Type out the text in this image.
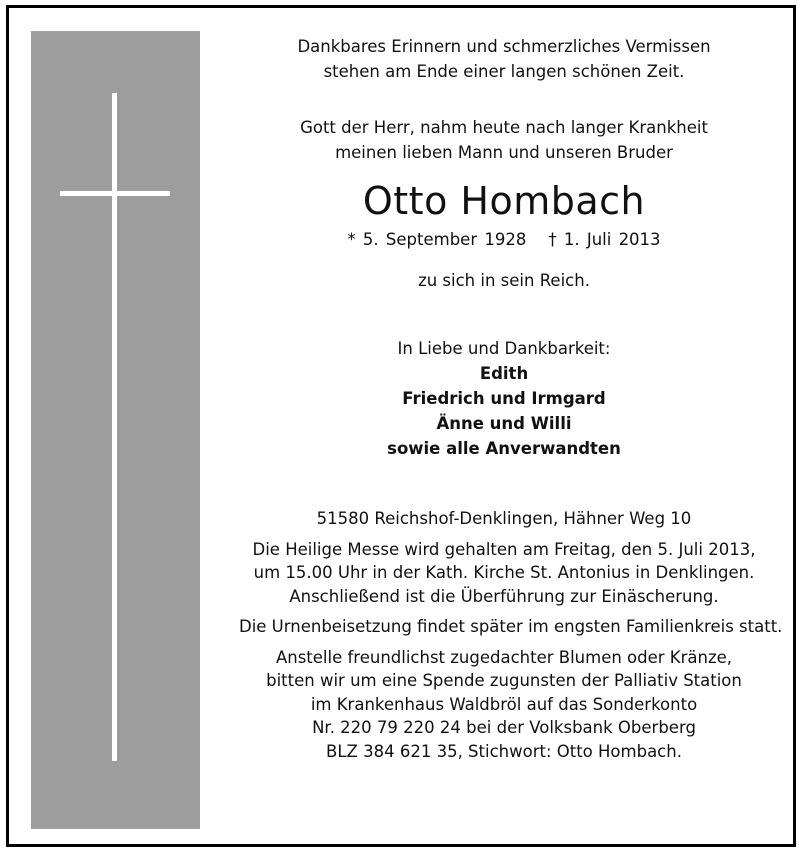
Dankbares Erinnern und schmerzliches Vermissen
stehen am Ende einer langen schönen Zeit.
Gott der Herr, nahm heute nach langer Krankheit
meinen lieben Mann und unseren Bruder
Otto Hombach
* 5. September 1928 † 1. Juli 2013
zu sich in sein Reich.
In Liebe und Dankbarkeit:
Edith
Friedrich und Irmgard
Änne und Willi
sowie alle Anverwandten
51580 Reichshof-Denklingen, Hähner Weg 10
Die Heilige Messe wird gehalten am Freitag, den 5. Juli 2013,
um 15.00 Uhr in der Kath. Kirche St. Antonius in Denklingen.
Anschließend ist die Überführung zur Einäscherung.
Die Urnenbeisetzung findet später im engsten Familienkreis statt.
Anstelle freundlichst zugedachter Blumen oder Kränze,
bitten wir um eine Spende zugunsten der Palliativ Station
im Krankenhaus Waldbröl auf das Sonderkonto
Nr. 220 79 220 24 bei der Volksbank Oberberg
BLZ 384 621 35, Stichwort: Otto Hombach.
